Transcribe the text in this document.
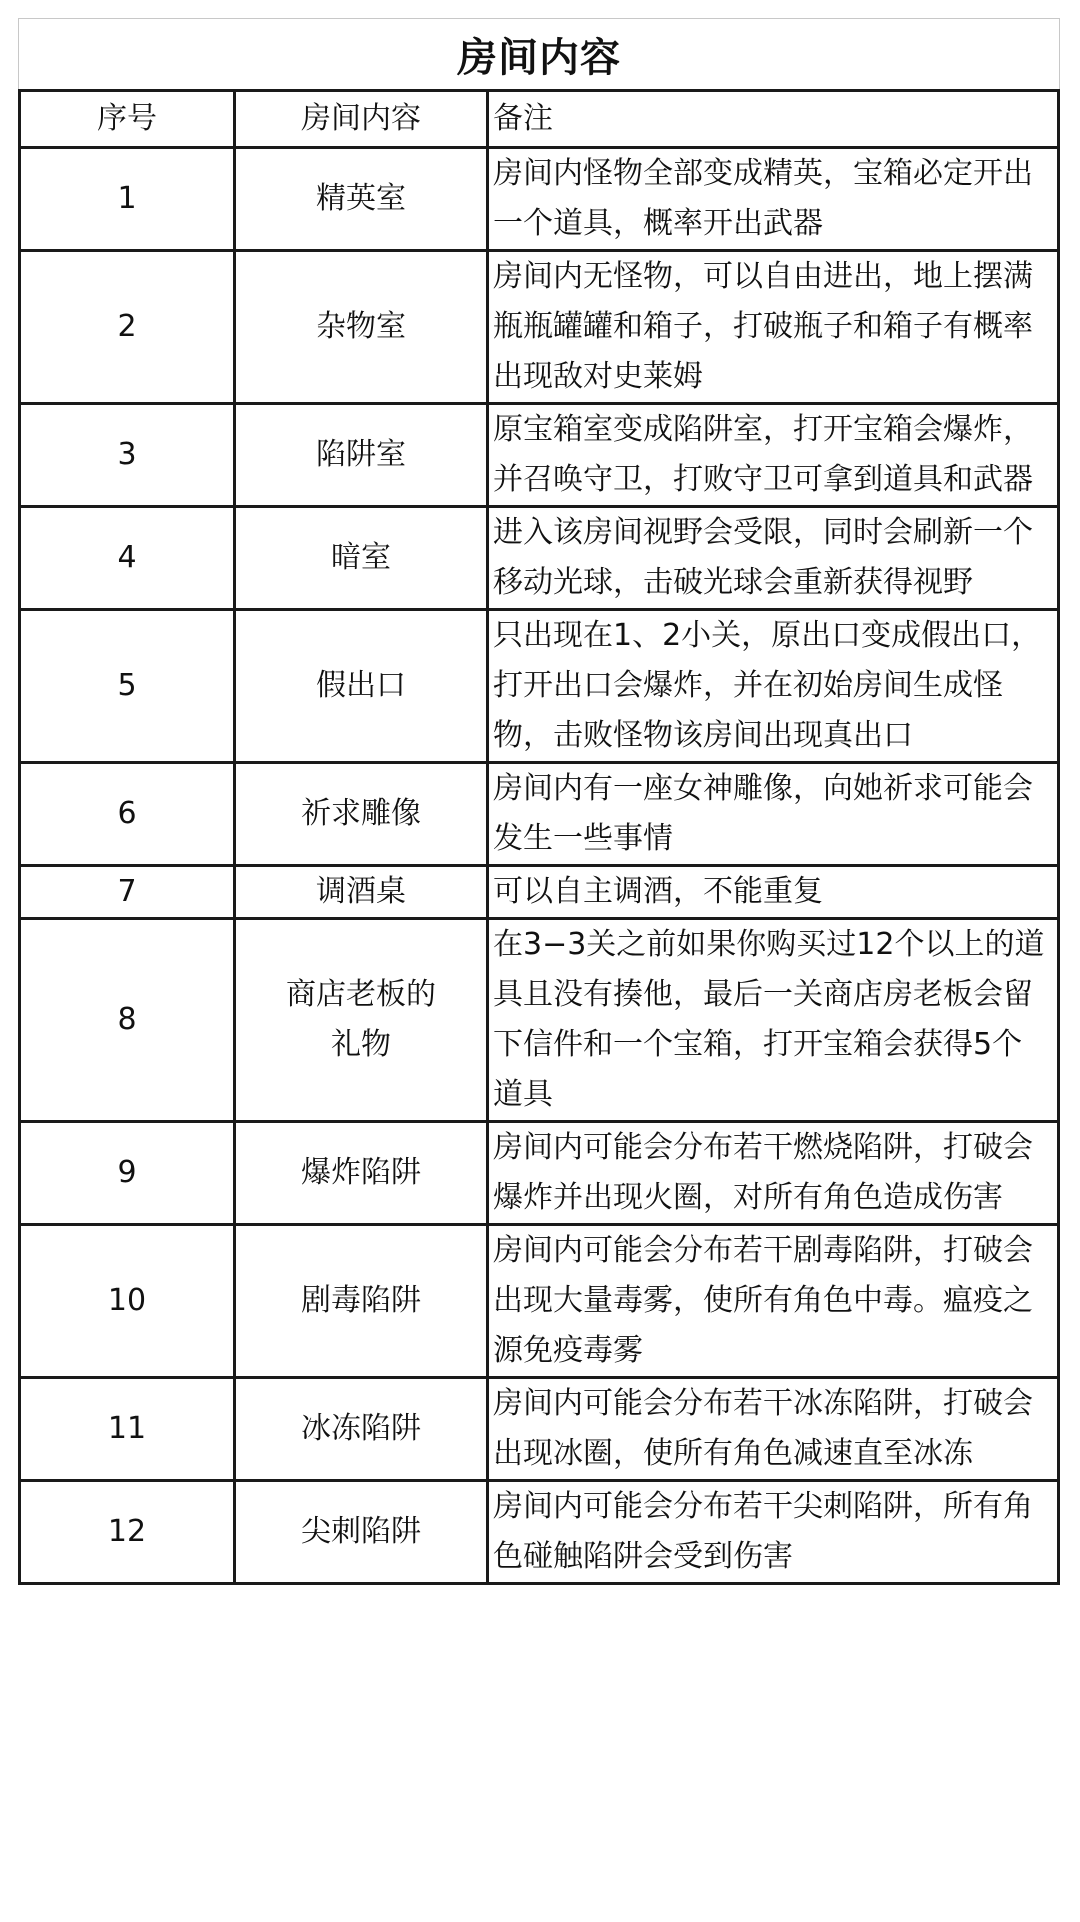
房间内容
序号	房间内容	备注
1	精英室	房间内怪物全部变成精英，宝箱必定开出一个道具，概率开出武器
2	杂物室	房间内无怪物，可以自由进出，地上摆满瓶瓶罐罐和箱子，打破瓶子和箱子有概率出现敌对史莱姆
3	陷阱室	原宝箱室变成陷阱室，打开宝箱会爆炸，并召唤守卫，打败守卫可拿到道具和武器
4	暗室	进入该房间视野会受限，同时会刷新一个移动光球，击破光球会重新获得视野
5	假出口	只出现在1、2小关，原出口变成假出口，打开出口会爆炸，并在初始房间生成怪物，击败怪物该房间出现真出口
6	祈求雕像	房间内有一座女神雕像，向她祈求可能会发生一些事情
7	调酒桌	可以自主调酒，不能重复
8	商店老板的礼物	在3−3关之前如果你购买过12个以上的道具且没有揍他，最后一关商店房老板会留下信件和一个宝箱，打开宝箱会获得5个道具
9	爆炸陷阱	房间内可能会分布若干燃烧陷阱，打破会爆炸并出现火圈，对所有角色造成伤害
10	剧毒陷阱	房间内可能会分布若干剧毒陷阱，打破会出现大量毒雾，使所有角色中毒。瘟疫之源免疫毒雾
11	冰冻陷阱	房间内可能会分布若干冰冻陷阱，打破会出现冰圈，使所有角色减速直至冰冻
12	尖刺陷阱	房间内可能会分布若干尖刺陷阱，所有角色碰触陷阱会受到伤害
